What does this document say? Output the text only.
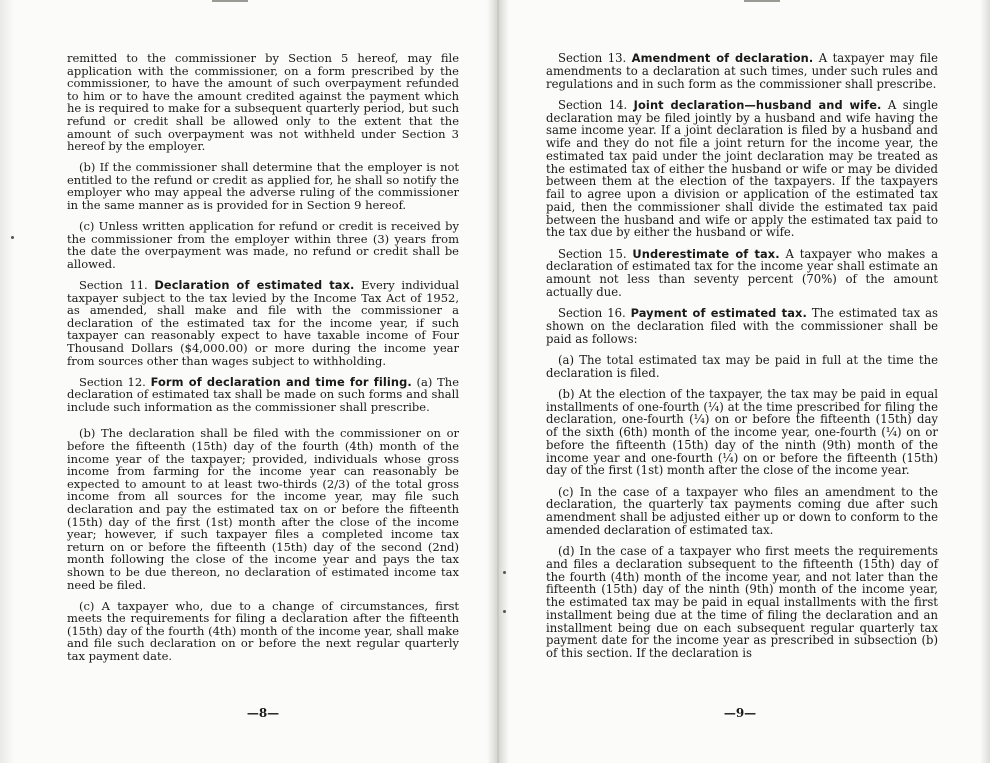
remitted to the commissioner by Section 5 hereof, may file application with the commissioner, on a form prescribed by the commissioner, to have the amount of such overpayment refunded to him or to have the amount credited against the payment which he is required to make for a subsequent quarterly period, but such refund or credit shall be allowed only to the extent that the amount of such overpayment was not withheld under Section 3 hereof by the employer.

(b) If the commissioner shall determine that the employer is not entitled to the refund or credit as applied for, he shall so notify the employer who may appeal the adverse ruling of the commissioner in the same manner as is provided for in Section 9 hereof.

(c) Unless written application for refund or credit is received by the commissioner from the employer within three (3) years from the date the overpayment was made, no refund or credit shall be allowed.

Section 11. Declaration of estimated tax. Every individual taxpayer subject to the tax levied by the Income Tax Act of 1952, as amended, shall make and file with the commissioner a declaration of the estimated tax for the income year, if such taxpayer can reasonably expect to have taxable income of Four Thousand Dollars ($4,000.00) or more during the income year from sources other than wages subject to withholding.

Section 12. Form of declaration and time for filing. (a) The declaration of estimated tax shall be made on such forms and shall include such information as the commissioner shall prescribe.

(b) The declaration shall be filed with the commissioner on or before the fifteenth (15th) day of the fourth (4th) month of the income year of the taxpayer; provided, individuals whose gross income from farming for the income year can reasonably be expected to amount to at least two-thirds (2/3) of the total gross income from all sources for the income year, may file such declaration and pay the estimated tax on or before the fifteenth (15th) day of the first (1st) month after the close of the income year; however, if such taxpayer files a completed income tax return on or before the fifteenth (15th) day of the second (2nd) month following the close of the income year and pays the tax shown to be due thereon, no declaration of estimated income tax need be filed.

(c) A taxpayer who, due to a change of circumstances, first meets the requirements for filing a declaration after the fifteenth (15th) day of the fourth (4th) month of the income year, shall make and file such declaration on or before the next regular quarterly tax payment date.

—8—

Section 13. Amendment of declaration. A taxpayer may file amendments to a declaration at such times, under such rules and regulations and in such form as the commissioner shall prescribe.

Section 14. Joint declaration—husband and wife. A single declaration may be filed jointly by a husband and wife having the same income year. If a joint declaration is filed by a husband and wife and they do not file a joint return for the income year, the estimated tax paid under the joint declaration may be treated as the estimated tax of either the husband or wife or may be divided between them at the election of the taxpayers. If the taxpayers fail to agree upon a division or application of the estimated tax paid, then the commissioner shall divide the estimated tax paid between the husband and wife or apply the estimated tax paid to the tax due by either the husband or wife.

Section 15. Underestimate of tax. A taxpayer who makes a declaration of estimated tax for the income year shall estimate an amount not less than seventy percent (70%) of the amount actually due.

Section 16. Payment of estimated tax. The estimated tax as shown on the declaration filed with the commissioner shall be paid as follows:

(a) The total estimated tax may be paid in full at the time the declaration is filed.

(b) At the election of the taxpayer, the tax may be paid in equal installments of one-fourth (¼) at the time prescribed for filing the declaration, one-fourth (¼) on or before the fifteenth (15th) day of the sixth (6th) month of the income year, one-fourth (¼) on or before the fifteenth (15th) day of the ninth (9th) month of the income year and one-fourth (¼) on or before the fifteenth (15th) day of the first (1st) month after the close of the income year.

(c) In the case of a taxpayer who files an amendment to the declaration, the quarterly tax payments coming due after such amendment shall be adjusted either up or down to conform to the amended declaration of estimated tax.

(d) In the case of a taxpayer who first meets the requirements and files a declaration subsequent to the fifteenth (15th) day of the fourth (4th) month of the income year, and not later than the fifteenth (15th) day of the ninth (9th) month of the income year, the estimated tax may be paid in equal installments with the first installment being due at the time of filing the declaration and an installment being due on each subsequent regular quarterly tax payment date for the income year as prescribed in subsection (b) of this section. If the declaration is

—9—
